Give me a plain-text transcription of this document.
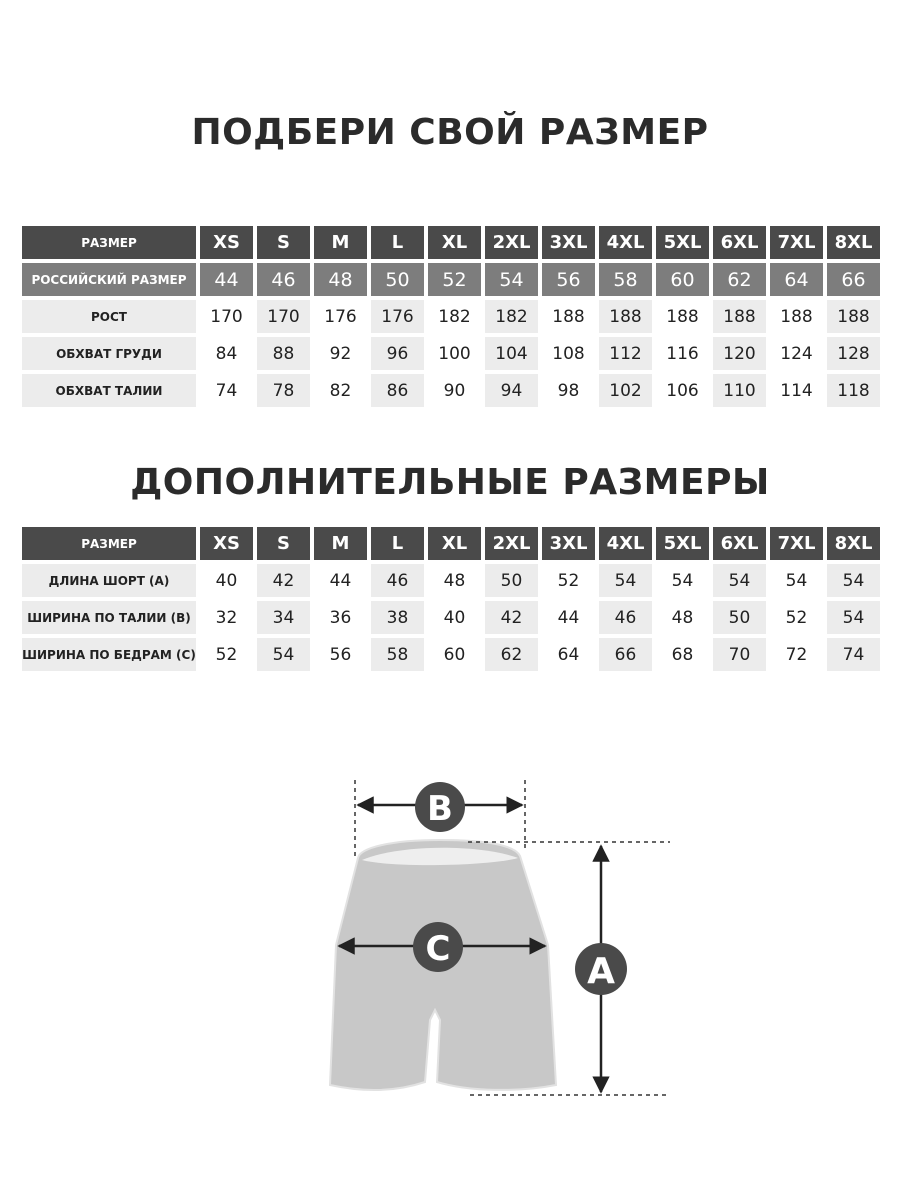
ПОДБЕРИ СВОЙ РАЗМЕР
РАЗМЕР	XS	S	M	L	XL	2XL	3XL	4XL	5XL	6XL	7XL	8XL
РОССИЙСКИЙ РАЗМЕР	44	46	48	50	52	54	56	58	60	62	64	66
РОСТ	170	170	176	176	182	182	188	188	188	188	188	188
ОБХВАТ ГРУДИ	84	88	92	96	100	104	108	112	116	120	124	128
ОБХВАТ ТАЛИИ	74	78	82	86	90	94	98	102	106	110	114	118
ДОПОЛНИТЕЛЬНЫЕ РАЗМЕРЫ
РАЗМЕР	XS	S	M	L	XL	2XL	3XL	4XL	5XL	6XL	7XL	8XL
ДЛИНА ШОРТ (А)	40	42	44	46	48	50	52	54	54	54	54	54
ШИРИНА ПО ТАЛИИ (В)	32	34	36	38	40	42	44	46	48	50	52	54
ШИРИНА ПО БЕДРАМ (С)	52	54	56	58	60	62	64	66	68	70	72	74
B
C
A
